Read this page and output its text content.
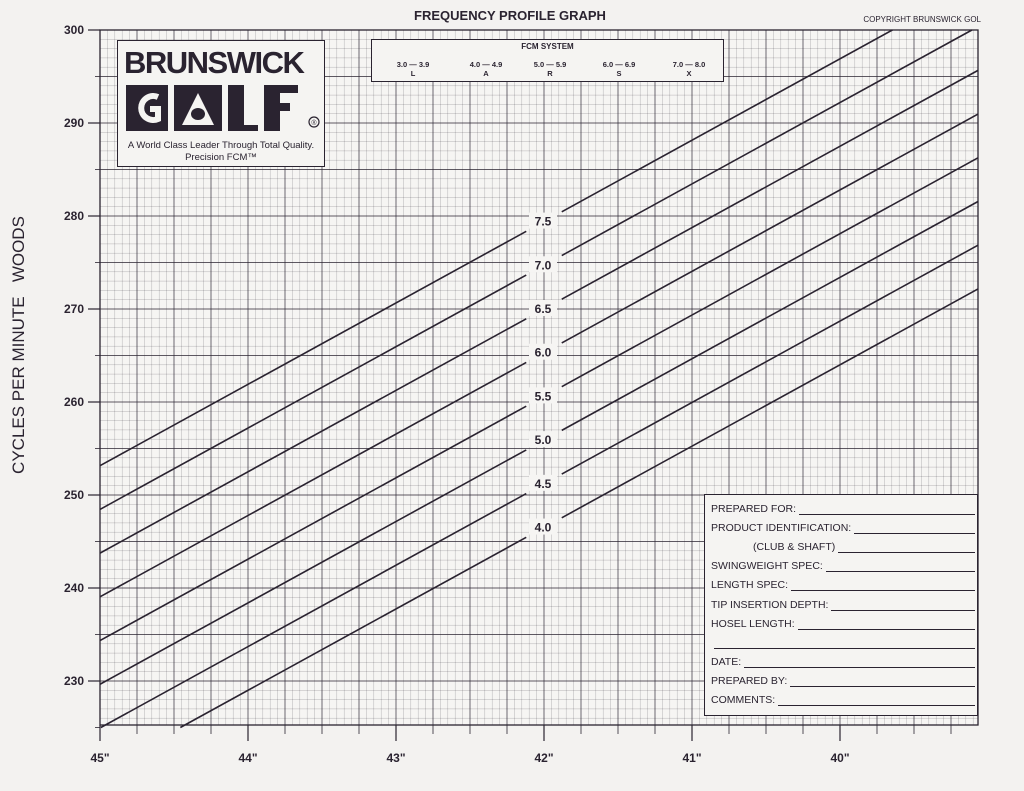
4.0
4.5
5.0
5.5
6.0
6.5
7.0
7.5
230
240
250
260
270
280
290
300
45"	44"	43"	42"	41"	40"
FREQUENCY PROFILE GRAPH	COPYRIGHT BRUNSWICK GOL
CYCLES PER MINUTE   WOODS
BRUNSWICK
®
A World Class Leader Through Total Quality.
Precision FCM™
FCM SYSTEM
3.0 — 3.9
L
4.0 — 4.9
A
5.0 — 5.9
R
6.0 — 6.9
S
7.0 — 8.0
X
PREPARED FOR:
PRODUCT IDENTIFICATION:
(CLUB & SHAFT)
SWINGWEIGHT SPEC:
LENGTH SPEC:
TIP INSERTION DEPTH:
HOSEL LENGTH:
DATE:
PREPARED BY:
COMMENTS:
